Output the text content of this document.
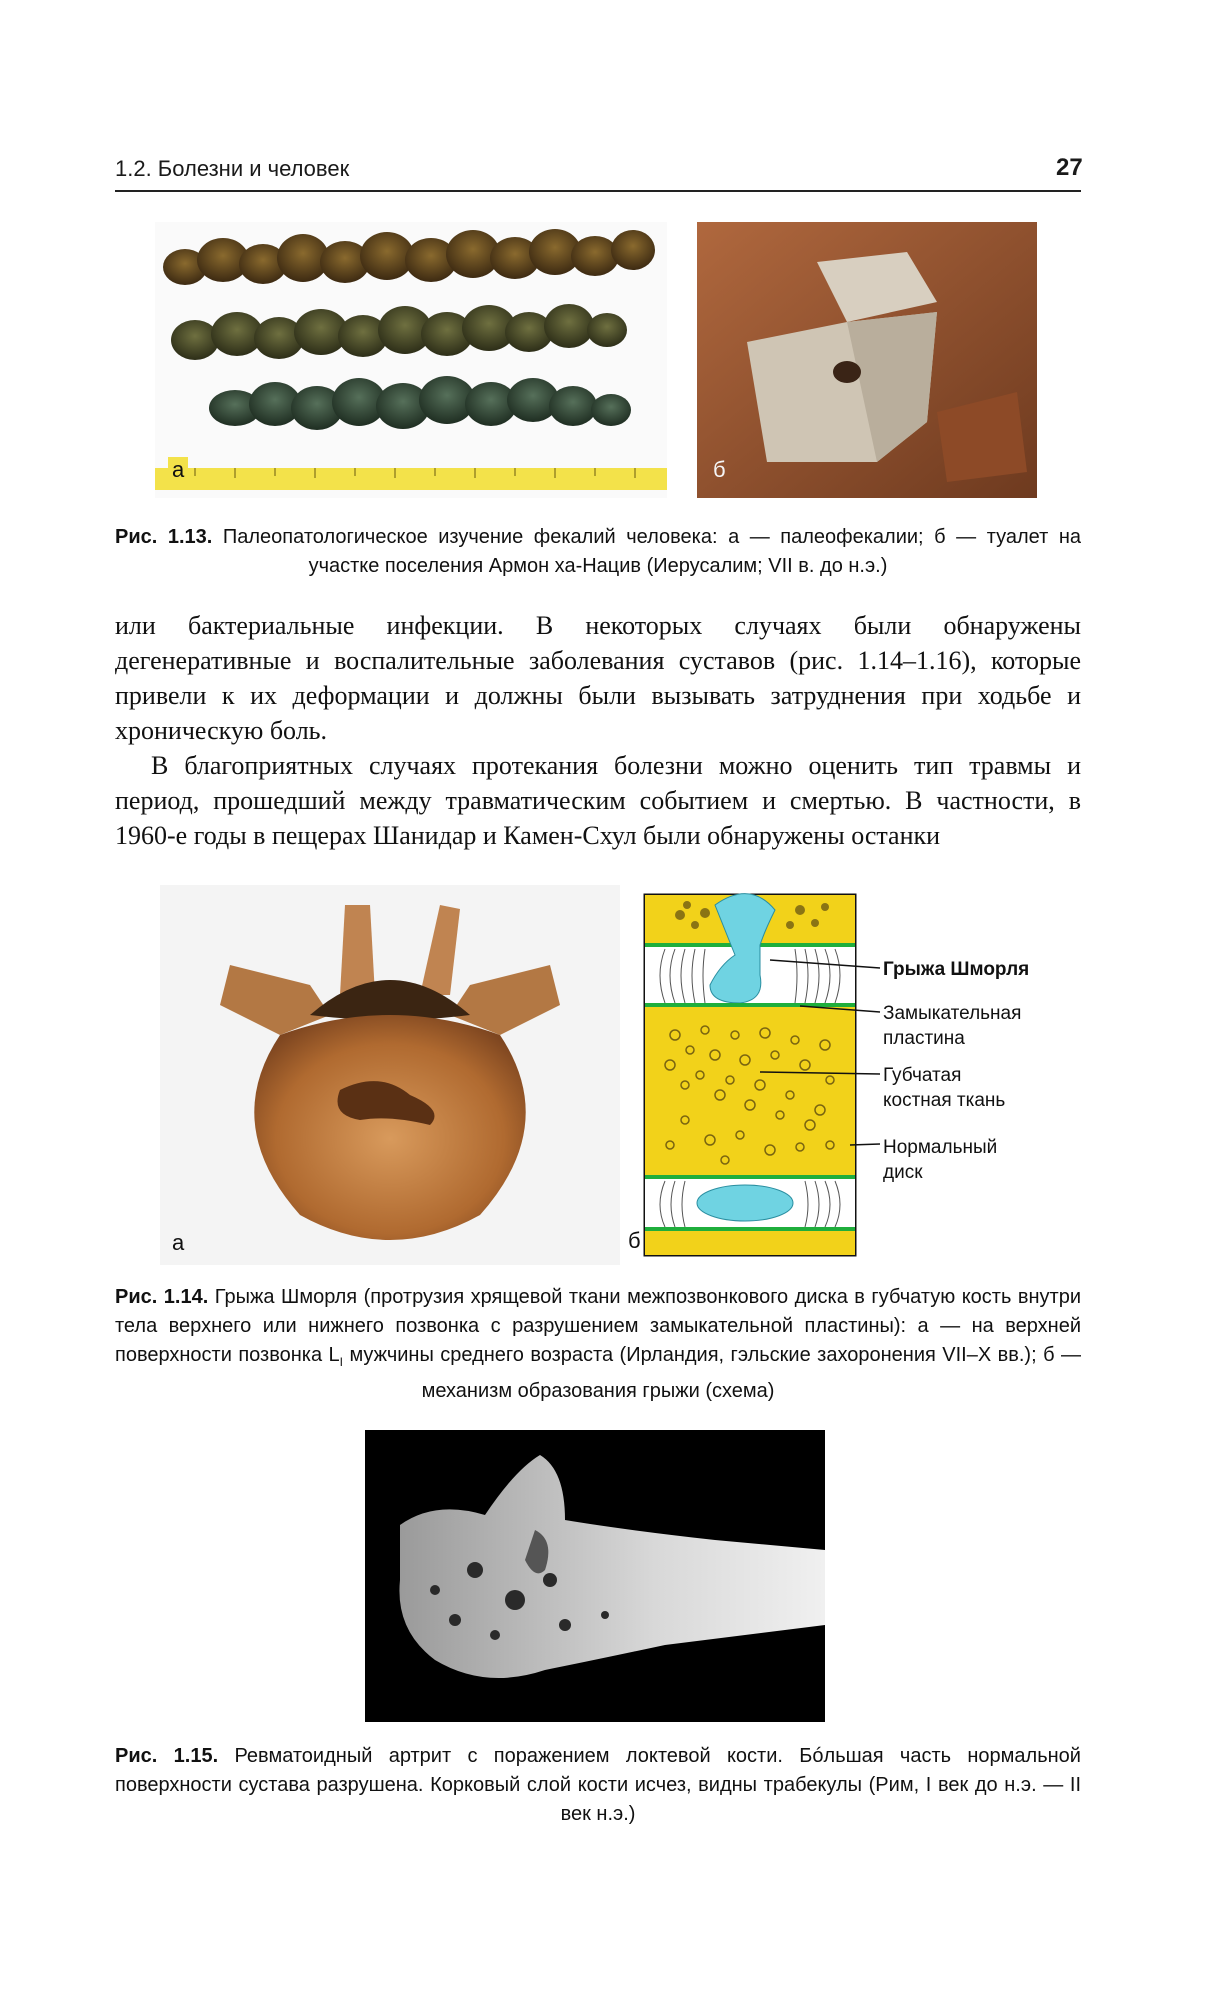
1.2. Болезни и человек	27
а	б
Рис. 1.13. Палеопатологическое изучение фекалий человека: а — палеофекалии; б — туалет на участке поселения Армон ха-Нацив (Иерусалим; VII в. до н.э.)

или бактериальные инфекции. В некоторых случаях были обнаружены дегенеративные и воспалительные заболевания суставов (рис. 1.14–1.16), которые привели к их деформации и должны были вызывать затруднения при ходьбе и хроническую боль.

В благоприятных случаях протекания болезни можно оценить тип травмы и период, прошедший между травматическим событием и смертью. В частности, в 1960-е годы в пещерах Шанидар и Камен-Схул были обнаружены останки

а	б
Грыжа Шморля
Замыкательная
пластина
Губчатая
костная ткань
Нормальный
диск
Рис. 1.14. Грыжа Шморля (протрузия хрящевой ткани межпозвонкового диска в губчатую кость внутри тела верхнего или нижнего позвонка с разрушением замыкательной пластины): а — на верхней поверхности позвонка $L_I$ мужчины среднего возраста (Ирландия, гэльские захоронения VII–X вв.); б — механизм образования грыжи (схема)
Рис. 1.15. Ревматоидный артрит с поражением локтевой кости. Бóльшая часть нормальной поверхности сустава разрушена. Корковый слой кости исчез, видны трабекулы (Рим, I век до н.э. — II век н.э.)
